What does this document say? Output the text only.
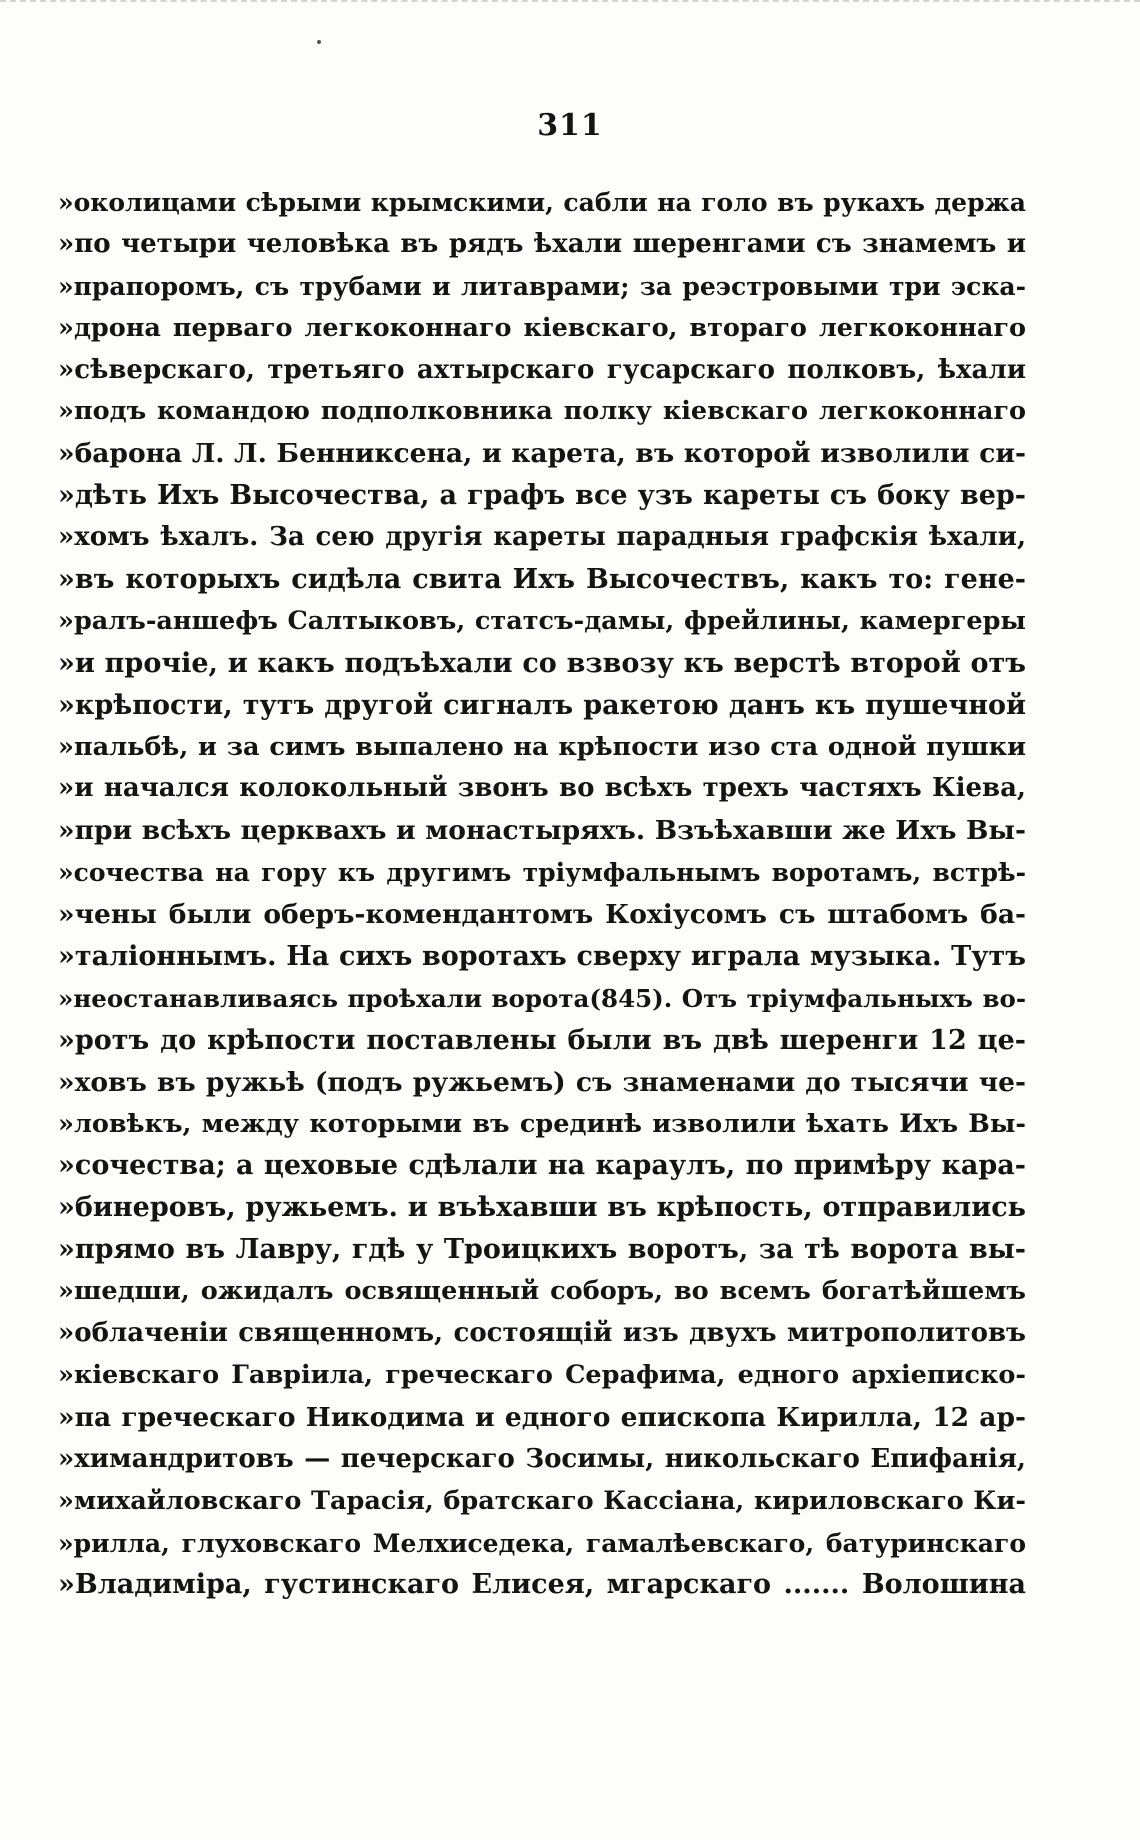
311
»околицами сѣрыми крымскими, сабли на голо въ рукахъ держа
»по четыри человѣка въ рядъ ѣхали шеренгами съ знамемъ и
»прапоромъ, съ трубами и литаврами; за реэстровыми три эска-
»дрона перваго легкоконнаго кіевскаго, втораго легкоконнаго
»сѣверскаго, третьяго ахтырскаго гусарскаго полковъ, ѣхали
»подъ командою подполковника полку кіевскаго легкоконнаго
»барона Л. Л. Бенниксена, и карета, въ которой изволили си-
»дѣть Ихъ Высочества, а графъ все узъ кареты съ боку вер-
»хомъ ѣхалъ. За сею другія кареты парадныя графскія ѣхали,
»въ которыхъ сидѣла свита Ихъ Высочествъ, какъ то: гене-
»ралъ-аншефъ Салтыковъ, статсъ-дамы, фрейлины, камергеры
»и прочіе, и какъ подъѣхали со взвозу къ верстѣ второй отъ
»крѣпости, тутъ другой сигналъ ракетою данъ къ пушечной
»пальбѣ, и за симъ выпалено на крѣпости изо ста одной пушки
»и начался колокольный звонъ во всѣхъ трехъ частяхъ Кіева,
»при всѣхъ церквахъ и монастыряхъ. Взъѣхавши же Ихъ Вы-
»сочества на гору къ другимъ тріумфальнымъ воротамъ, встрѣ-
»чены были оберъ-комендантомъ Кохіусомъ съ штабомъ ба-
»таліоннымъ. На сихъ воротахъ сверху играла музыка. Тутъ
»неостанавливаясь проѣхали ворота(845). Отъ тріумфальныхъ во-
»ротъ до крѣпости поставлены были въ двѣ шеренги 12 це-
»ховъ въ ружьѣ (подъ ружьемъ) съ знаменами до тысячи че-
»ловѣкъ, между которыми въ срединѣ изволили ѣхать Ихъ Вы-
»сочества; а цеховые сдѣлали на караулъ, по примѣру кара-
»бинеровъ, ружьемъ. и въѣхавши въ крѣпость, отправились
»прямо въ Лавру, гдѣ у Троицкихъ воротъ, за тѣ ворота вы-
»шедши, ожидалъ освященный соборъ, во всемъ богатѣйшемъ
»облаченіи священномъ, состоящій изъ двухъ митрополитовъ
»кіевскаго Гавріила, греческаго Серафима, едного архіеписко-
»па греческаго Никодима и едного епископа Кирилла, 12 ар-
»химандритовъ — печерскаго Зосимы, никольскаго Епифанія,
»михайловскаго Тарасія, братскаго Кассіана, кириловскаго Ки-
»рилла, глуховскаго Мелхиседека, гамалѣевскаго, батуринскаго
»Владиміра, густинскаго Елисея, мгарскаго ....... Волошина
